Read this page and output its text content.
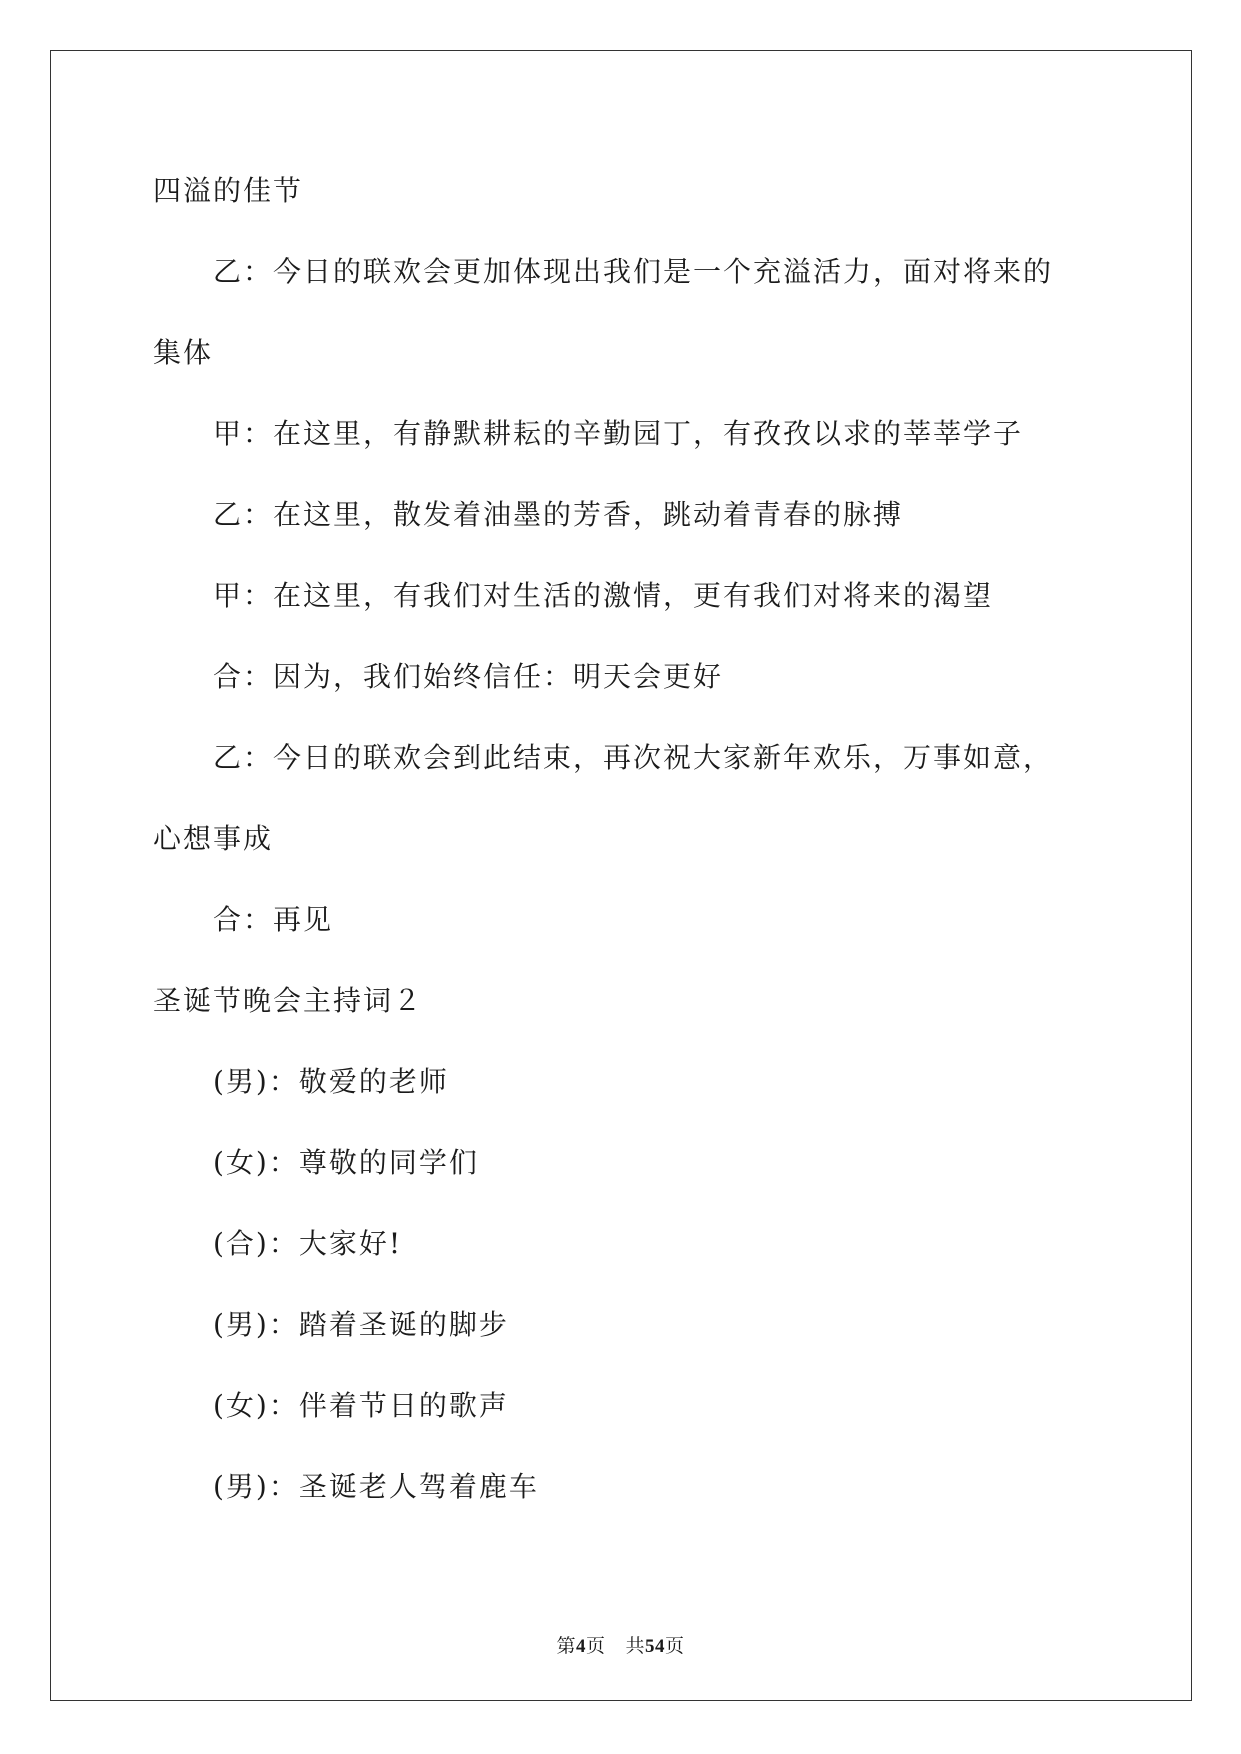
四溢的佳节
乙：今日的联欢会更加体现出我们是一个充溢活力，面对将来的
集体
甲：在这里，有静默耕耘的辛勤园丁，有孜孜以求的莘莘学子
乙：在这里，散发着油墨的芳香，跳动着青春的脉搏
甲：在这里，有我们对生活的激情，更有我们对将来的渴望
合：因为，我们始终信任：明天会更好
乙：今日的联欢会到此结束，再次祝大家新年欢乐，万事如意，
心想事成
合：再见
圣诞节晚会主持词２
(男)：敬爱的老师
(女)：尊敬的同学们
(合)：大家好!
(男)：踏着圣诞的脚步
(女)：伴着节日的歌声
(男)：圣诞老人驾着鹿车
第4页 共54页
